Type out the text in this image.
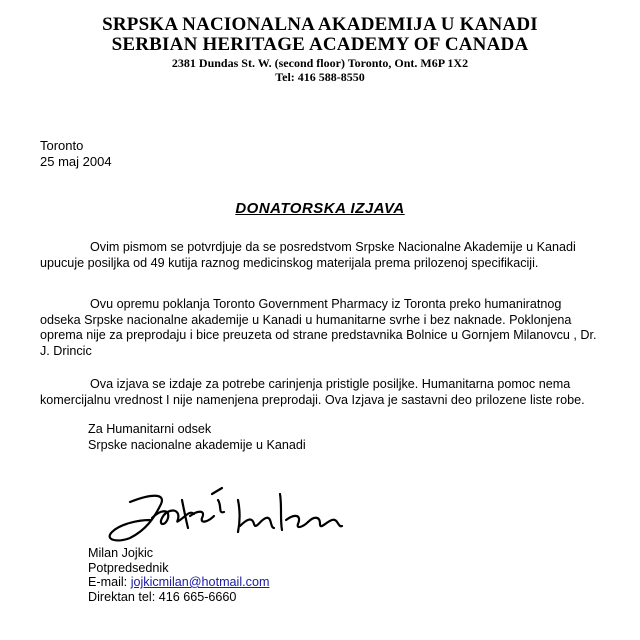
SRPSKA NACIONALNA AKADEMIJA U KANADI
SERBIAN HERITAGE ACADEMY OF CANADA
2381 Dundas St. W. (second floor) Toronto, Ont. M6P 1X2
Tel: 416 588-8550
Toronto
25 maj 2004
DONATORSKA IZJAVA

Ovim pismom se potvrdjuje da se posredstvom Srpske Nacionalne Akademije u Kanadi upucuje posiljka od 49 kutija raznog medicinskog materijala prema prilozenoj specifikaciji.

Ovu opremu poklanja Toronto Government Pharmacy iz Toronta preko humaniratnog odseka Srpske nacionalne akademije u Kanadi u humanitarne svrhe i bez naknade. Poklonjena oprema nije za preprodaju i bice preuzeta od strane predstavnika Bolnice u Gornjem Milanovcu , Dr. J. Drincic

Ova izjava se izdaje za potrebe carinjenja pristigle posiljke. Humanitarna pomoc nema komercijalnu vrednost I nije namenjena preprodaji. Ova Izjava je sastavni deo prilozene liste robe.

Za Humanitarni odsek
Srpske nacionalne akademije u Kanadi
Milan Jojkic
Potpredsednik
E-mail: jojkicmilan@hotmail.com
Direktan tel: 416 665-6660
